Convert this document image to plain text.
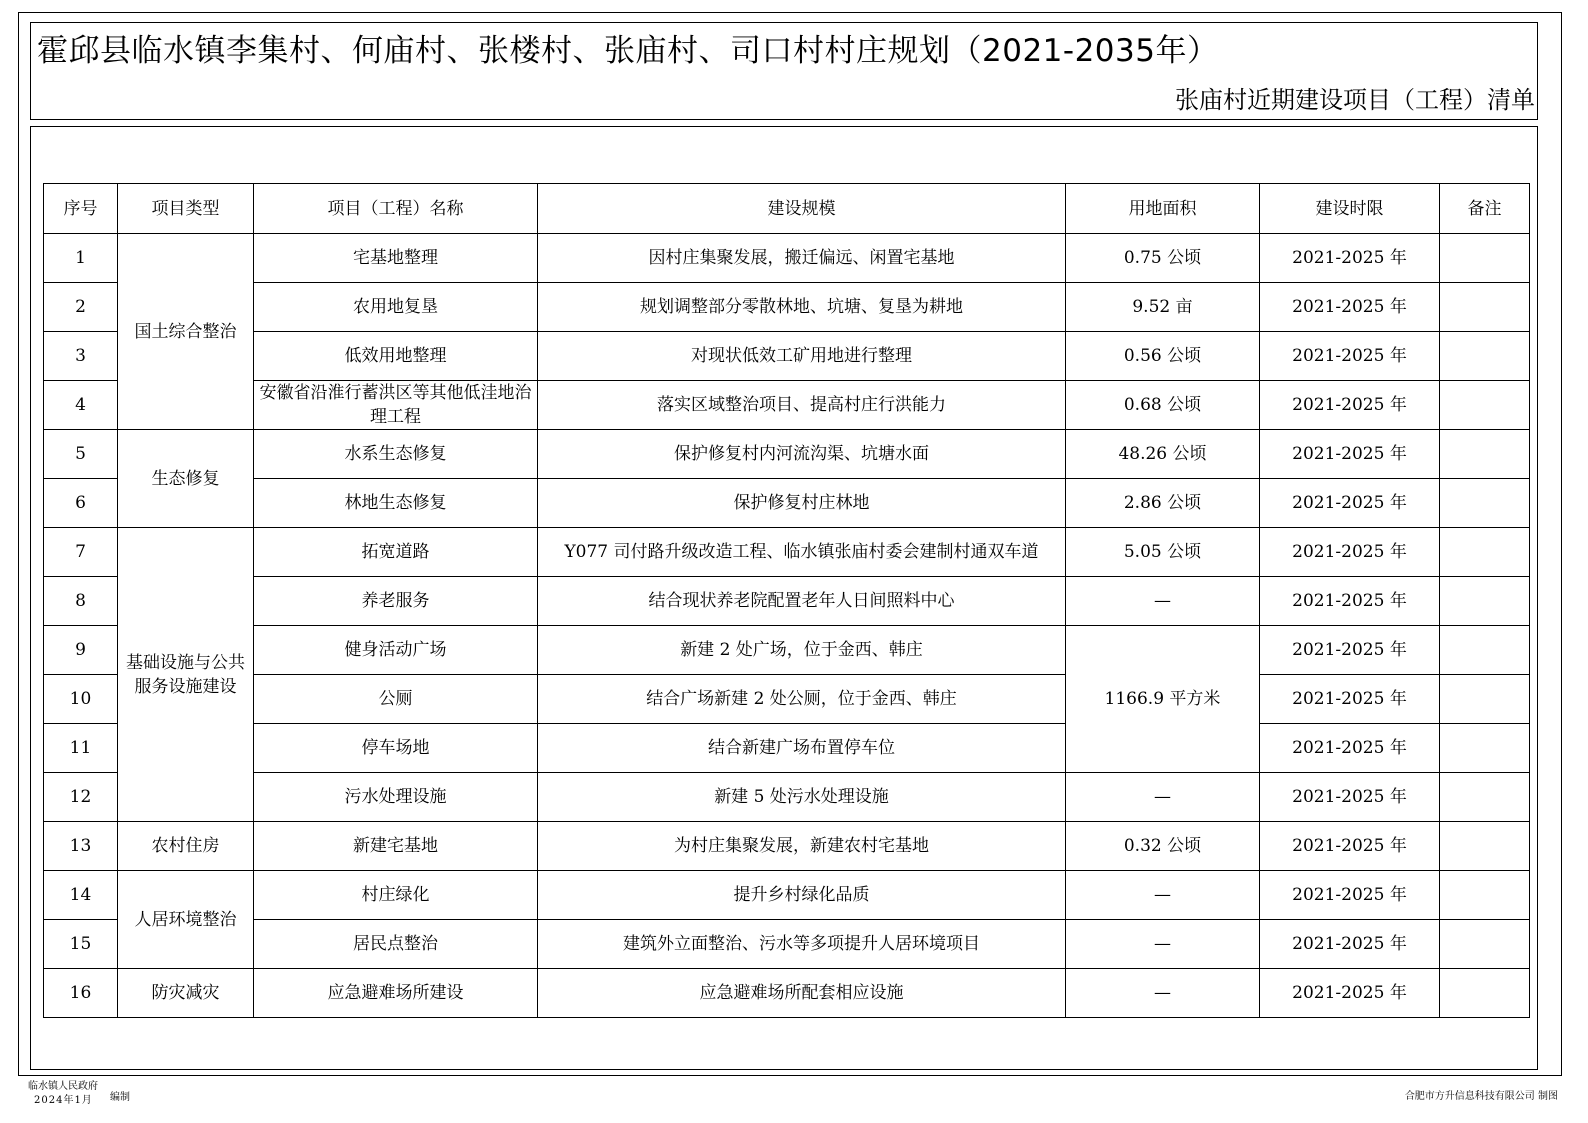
霍邱县临水镇李集村、何庙村、张楼村、张庙村、司口村村庄规划（2021-2035年）
张庙村近期建设项目（工程）清单
序号	项目类型	项目（工程）名称	建设规模	用地面积	建设时限	备注
1	国土综合整治	宅基地整理	因村庄集聚发展，搬迁偏远、闲置宅基地	0.75 公顷	2021-2025 年	
2		农用地复垦	规划调整部分零散林地、坑塘、复垦为耕地	9.52 亩	2021-2025 年	
3		低效用地整理	对现状低效工矿用地进行整理	0.56 公顷	2021-2025 年	
4		安徽省沿淮行蓄洪区等其他低洼地治理工程	落实区域整治项目、提高村庄行洪能力	0.68 公顷	2021-2025 年	
5	生态修复	水系生态修复	保护修复村内河流沟渠、坑塘水面	48.26 公顷	2021-2025 年	
6		林地生态修复	保护修复村庄林地	2.86 公顷	2021-2025 年	
7	基础设施与公共服务设施建设	拓宽道路	Y077 司付路升级改造工程、临水镇张庙村委会建制村通双车道	5.05 公顷	2021-2025 年	
8		养老服务	结合现状养老院配置老年人日间照料中心	—	2021-2025 年	
9		健身活动广场	新建 2 处广场，位于金西、韩庄	1166.9 平方米	2021-2025 年	
10		公厕	结合广场新建 2 处公厕，位于金西、韩庄		2021-2025 年	
11		停车场地	结合新建广场布置停车位		2021-2025 年	
12		污水处理设施	新建 5 处污水处理设施	—	2021-2025 年	
13	农村住房	新建宅基地	为村庄集聚发展，新建农村宅基地	0.32 公顷	2021-2025 年	
14	人居环境整治	村庄绿化	提升乡村绿化品质	—	2021-2025 年	
15		居民点整治	建筑外立面整治、污水等多项提升人居环境项目	—	2021-2025 年	
16	防灾减灾	应急避难场所建设	应急避难场所配套相应设施	—	2021-2025 年	
临水镇人民政府
2024年1月	编制	合肥市方升信息科技有限公司 制图
